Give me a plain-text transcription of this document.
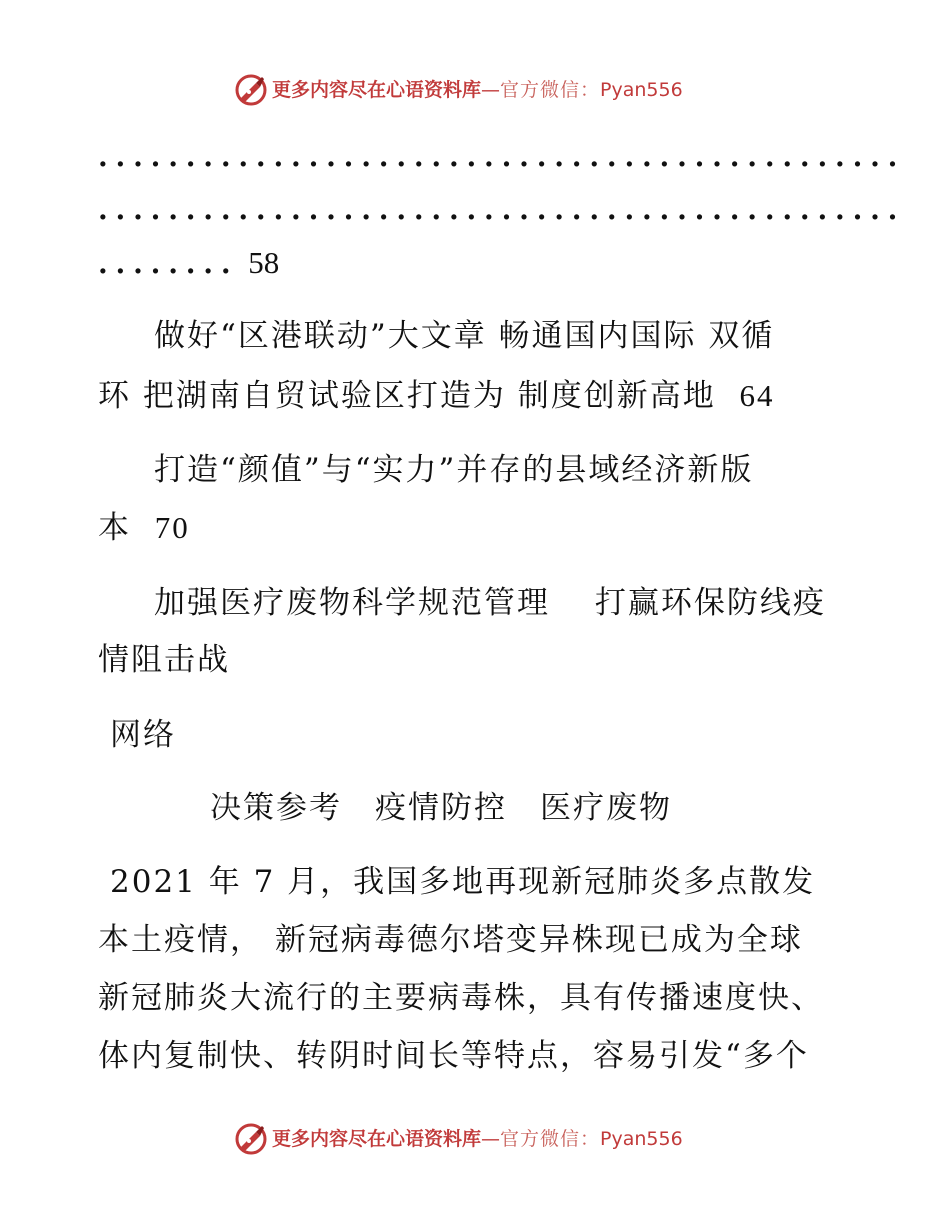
更多内容尽在心语资料库—官方微信：Pyan556
..............................................
..............................................
........ 58
做好“区港联动”大文章 畅通国内国际 双循
环 把湖南自贸试验区打造为 制度创新高地 64
打造“颜值”与“实力”并存的县域经济新版
本 70
加强医疗废物科学规范管理　 打赢环保防线疫
情阻击战
网络
决策参考　疫情防控　医疗废物
2021 年 7 月，我国多地再现新冠肺炎多点散发
本土疫情， 新冠病毒德尔塔变异株现已成为全球
新冠肺炎大流行的主要病毒株，具有传播速度快、
体内复制快、转阴时间长等特点，容易引发“多个
更多内容尽在心语资料库—官方微信：Pyan556
